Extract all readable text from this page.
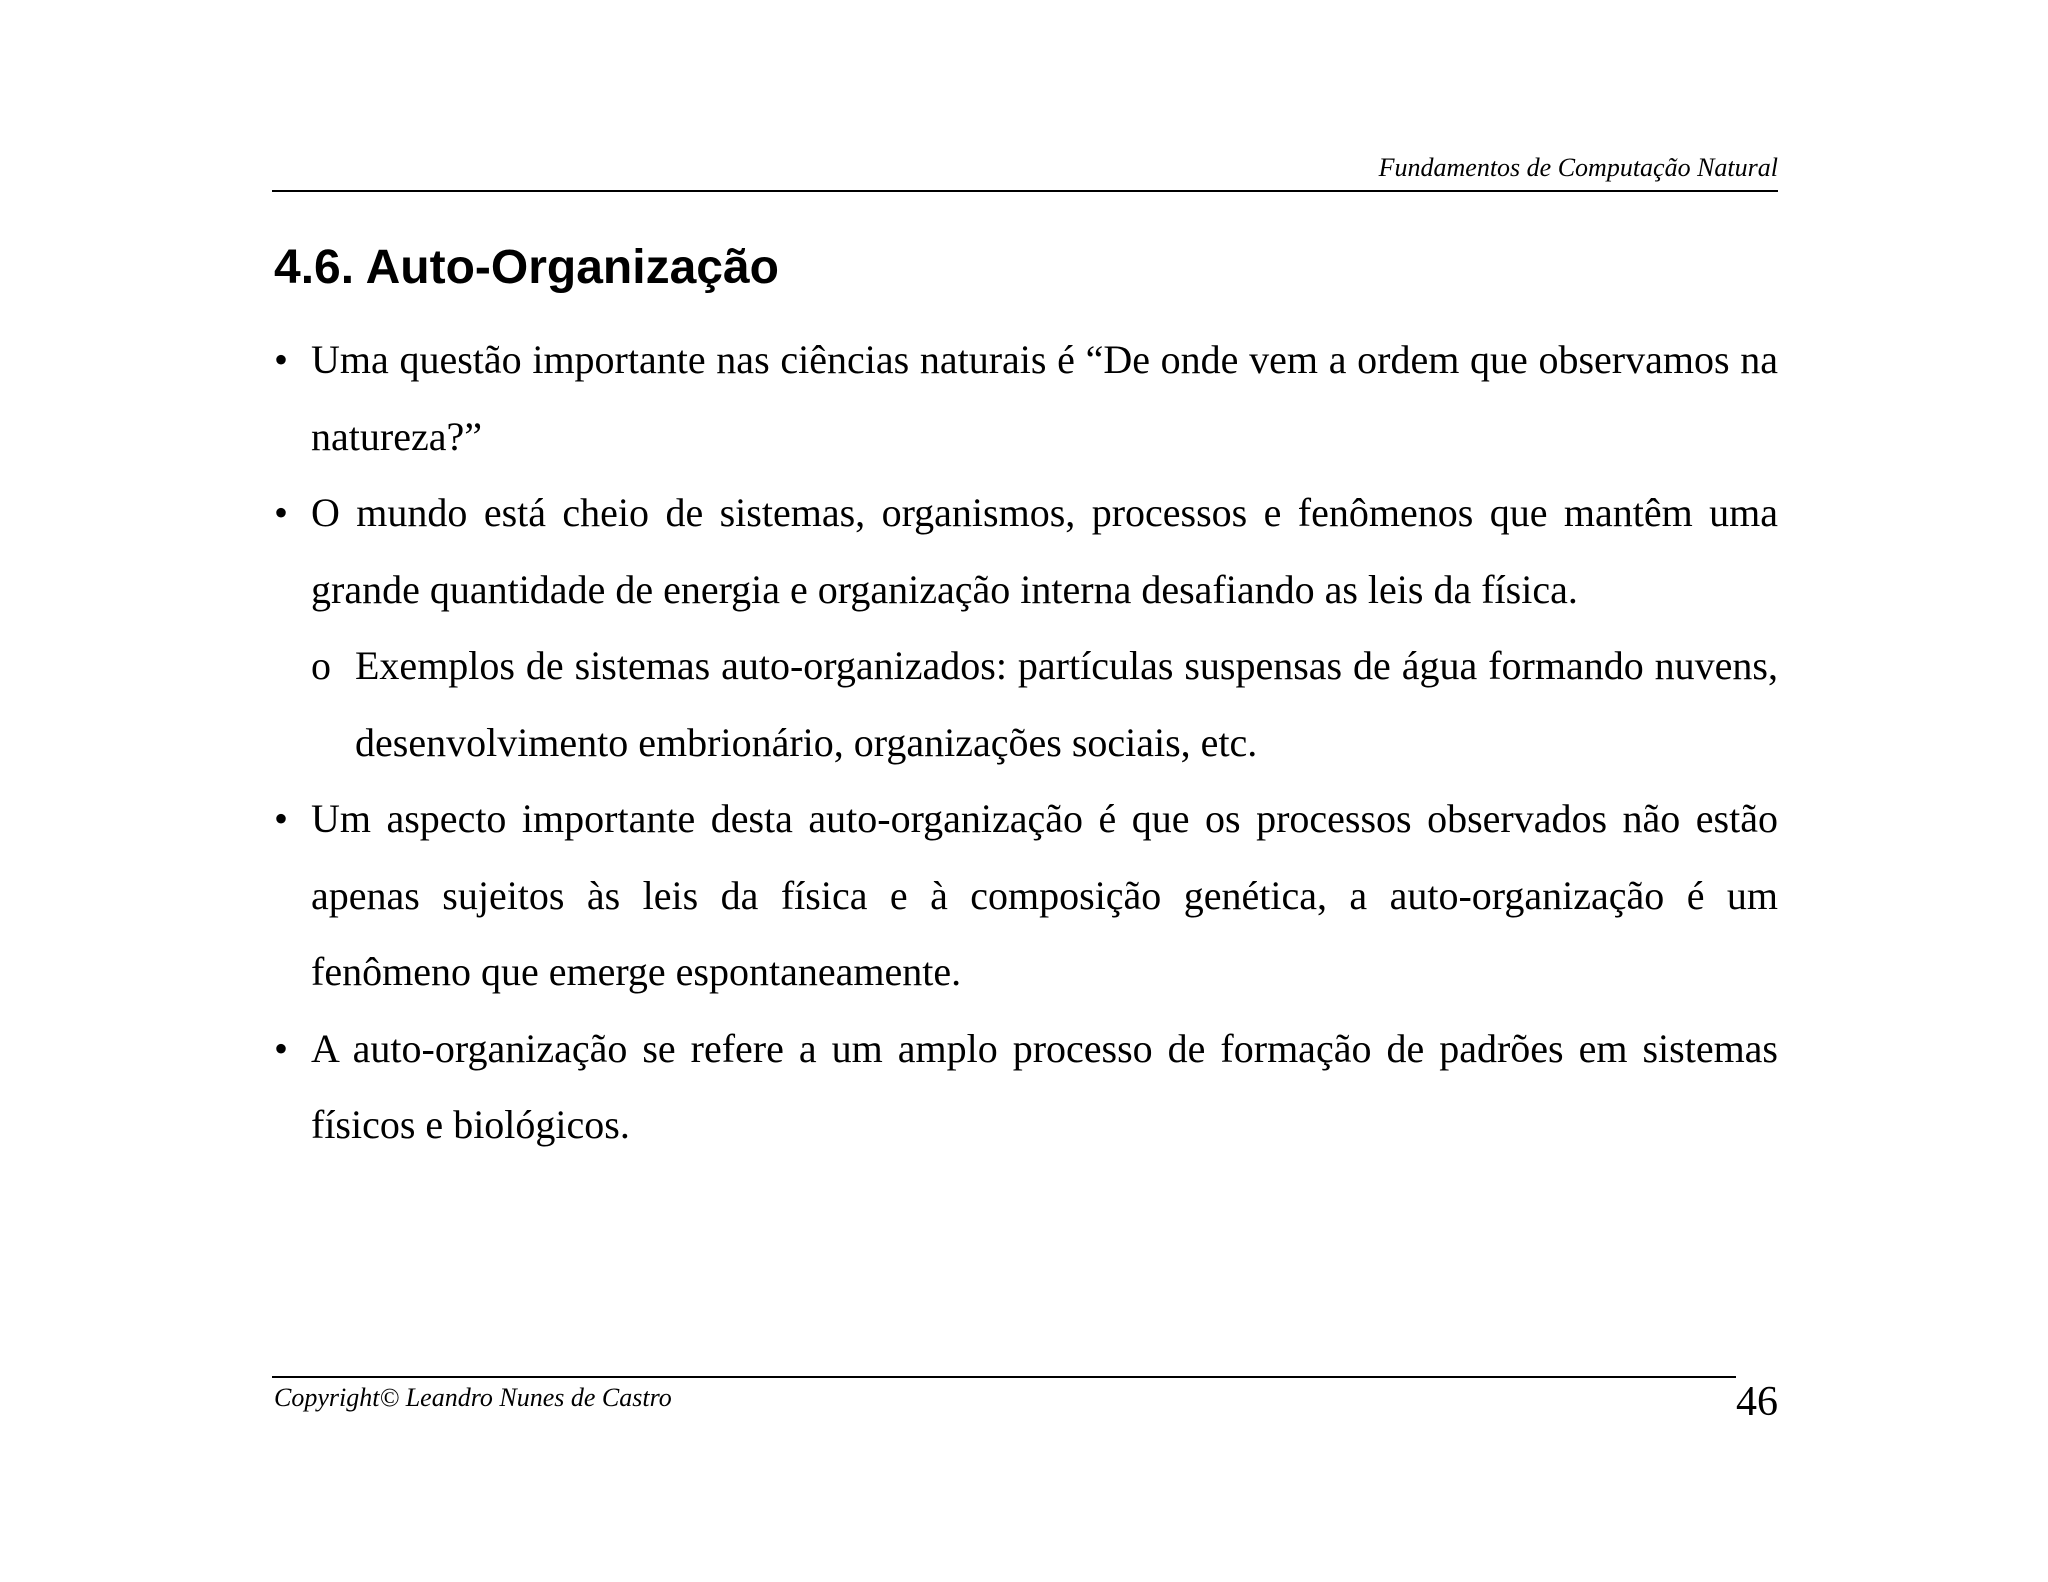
Fundamentos de Computação Natural
4.6. Auto-Organização
• Uma questão importante nas ciências naturais é “De onde vem a ordem que observamos na natureza?”
• O mundo está cheio de sistemas, organismos, processos e fenômenos que mantêm uma grande quantidade de energia e organização interna desafiando as leis da física.
o Exemplos de sistemas auto-organizados: partículas suspensas de água formando nuvens, desenvolvimento embrionário, organizações sociais, etc.
• Um aspecto importante desta auto-organização é que os processos observados não estão apenas sujeitos às leis da física e à composição genética, a auto-organização é um fenômeno que emerge espontaneamente.
• A auto-organização se refere a um amplo processo de formação de padrões em sistemas físicos e biológicos.
Copyright© Leandro Nunes de Castro	46
